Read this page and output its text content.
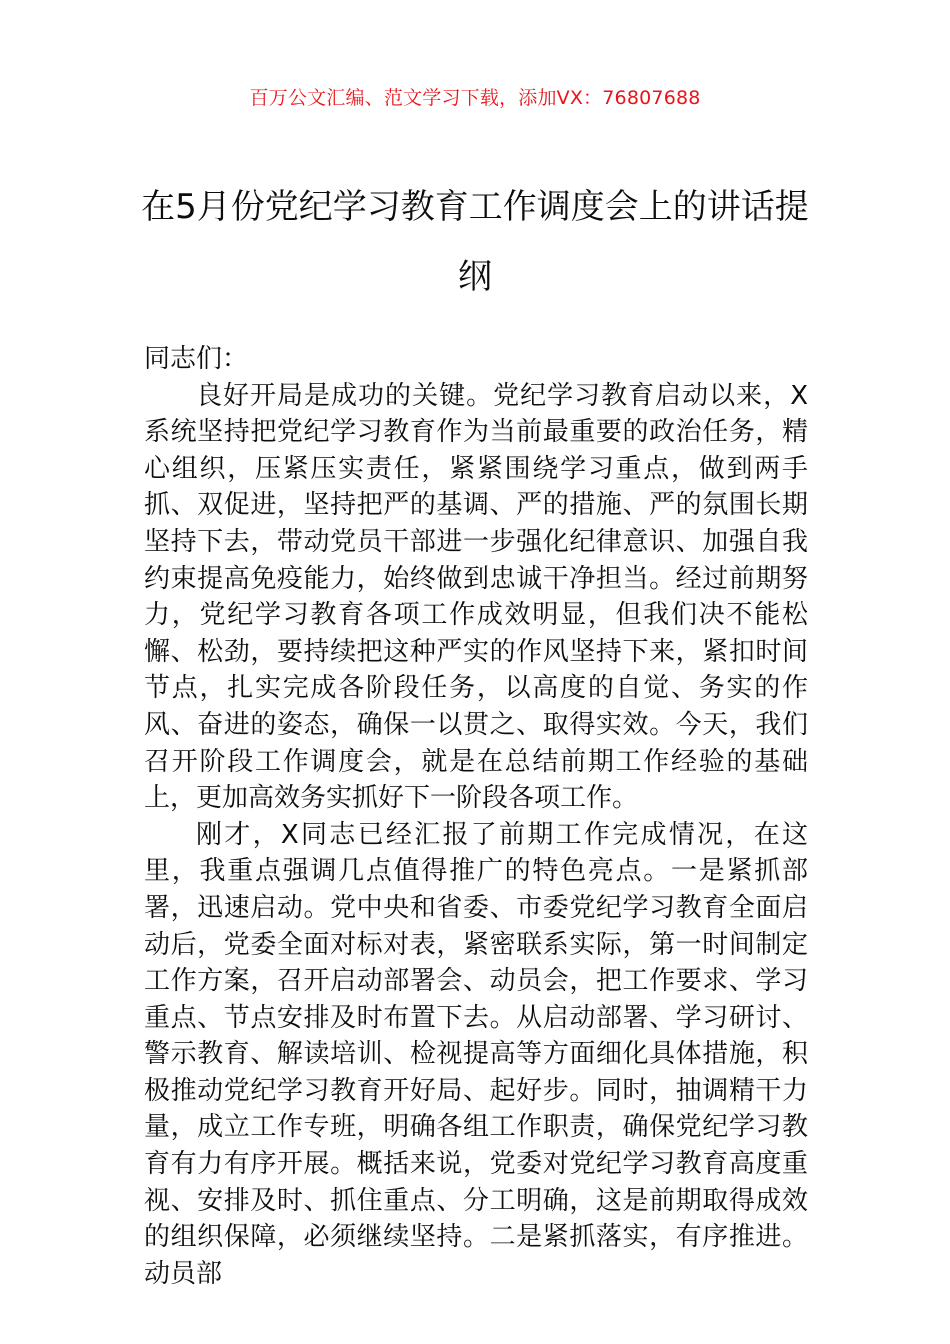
百万公文汇编、范文学习下载，添加VX：76807688
在5月份党纪学习教育工作调度会上的讲话提纲

同志们：

良好开局是成功的关键。党纪学习教育启动以来，X系统坚持把党纪学习教育作为当前最重要的政治任务，精心组织，压紧压实责任，紧紧围绕学习重点，做到两手抓、双促进，坚持把严的基调、严的措施、严的氛围长期坚持下去，带动党员干部进一步强化纪律意识、加强自我约束提高免疫能力，始终做到忠诚干净担当。经过前期努力，党纪学习教育各项工作成效明显，但我们决不能松懈、松劲，要持续把这种严实的作风坚持下来，紧扣时间节点，扎实完成各阶段任务，以高度的自觉、务实的作风、奋进的姿态，确保一以贯之、取得实效。今天，我们召开阶段工作调度会，就是在总结前期工作经验的基础上，更加高效务实抓好下一阶段各项工作。

刚才，X同志已经汇报了前期工作完成情况，在这里，我重点强调几点值得推广的特色亮点。一是紧抓部署，迅速启动。党中央和省委、市委党纪学习教育全面启动后，党委全面对标对表，紧密联系实际，第一时间制定工作方案，召开启动部署会、动员会，把工作要求、学习重点、节点安排及时布置下去。从启动部署、学习研讨、警示教育、解读培训、检视提高等方面细化具体措施，积极推动党纪学习教育开好局、起好步。同时，抽调精干力量，成立工作专班，明确各组工作职责，确保党纪学习教育有力有序开展。概括来说，党委对党纪学习教育高度重视、安排及时、抓住重点、分工明确，这是前期取得成效的组织保障，必须继续坚持。二是紧抓落实，有序推进。动员部
